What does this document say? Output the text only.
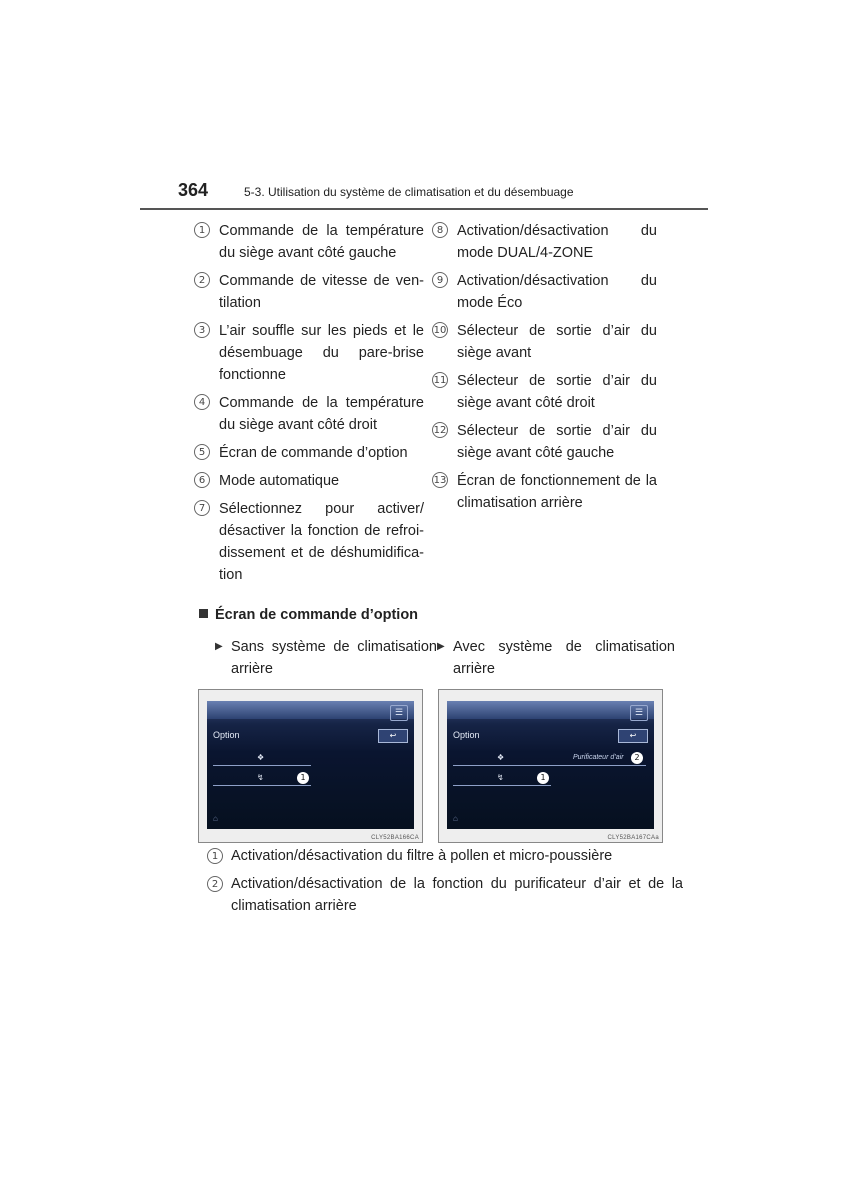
364	5-3. Utilisation du système de climatisation et du désembuage
1 Commande de la température du siège avant côté gauche
2 Commande de vitesse de ven-tilation
3 L’air souffle sur les pieds et le désembuage du pare-brise fonctionne
4 Commande de la température du siège avant côté droit
5 Écran de commande d’option
6 Mode automatique
7 Sélectionnez pour activer/ désactiver la fonction de refroi-dissement et de déshumidifica-tion
8 Activation/désactivation du mode DUAL/4-ZONE
9 Activation/désactivation du mode Éco
10 Sélecteur de sortie d’air du siège avant
11 Sélecteur de sortie d’air du siège avant côté droit
12 Sélecteur de sortie d’air du siège avant côté gauche
13 Écran de fonctionnement de la climatisation arrière
Écran de commande d’option
▶ Sans système de climatisation arrière
▶ Avec système de climatisation arrière
☰
Option	↩
❖
↯	1
⌂
CLY52BA166CA
☰
Option	↩
❖
↯	1
Purificateur d’air	2
⌂
CLY52BA167CAa
1 Activation/désactivation du filtre à pollen et micro-poussière
2 Activation/désactivation de la fonction du purificateur d’air et de la climatisation arrière
